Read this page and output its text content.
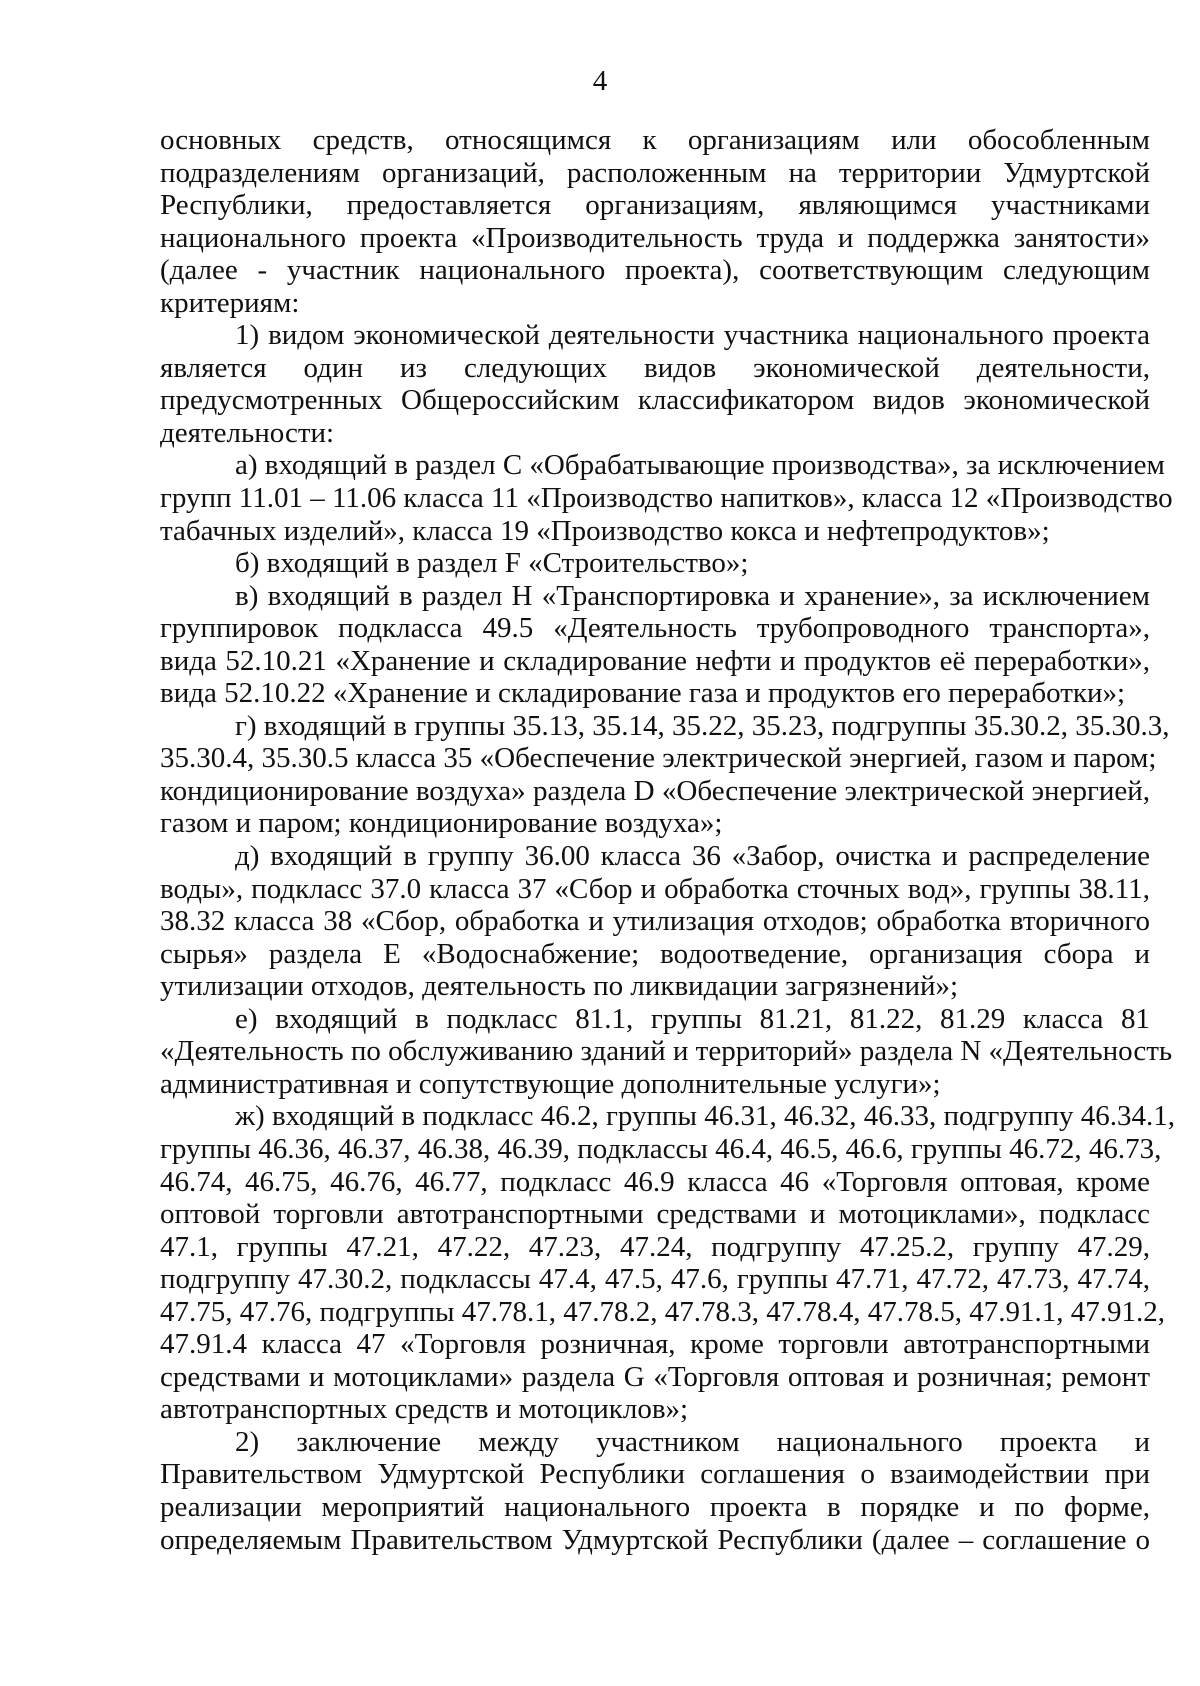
4
основных средств, относящимся к организациям или обособленным
подразделениям организаций, расположенным на территории Удмуртской
Республики, предоставляется организациям, являющимся участниками
национального проекта «Производительность труда и поддержка занятости»
(далее - участник национального проекта), соответствующим следующим
критериям:
1) видом экономической деятельности участника национального проекта
является один из следующих видов экономической деятельности,
предусмотренных Общероссийским классификатором видов экономической
деятельности:
а) входящий в раздел С «Обрабатывающие производства», за исключением
групп 11.01 – 11.06 класса 11 «Производство напитков», класса 12 «Производство
табачных изделий», класса 19 «Производство кокса и нефтепродуктов»;
б) входящий в раздел F «Строительство»;
в) входящий в раздел Н «Транспортировка и хранение», за исключением
группировок подкласса 49.5 «Деятельность трубопроводного транспорта»,
вида 52.10.21 «Хранение и складирование нефти и продуктов её переработки»,
вида 52.10.22 «Хранение и складирование газа и продуктов его переработки»;
г) входящий в группы 35.13, 35.14, 35.22, 35.23, подгруппы 35.30.2, 35.30.3,
35.30.4, 35.30.5 класса 35 «Обеспечение электрической энергией, газом и паром;
кондиционирование воздуха» раздела D «Обеспечение электрической энергией,
газом и паром; кондиционирование воздуха»;
д) входящий в группу 36.00 класса 36 «Забор, очистка и распределение
воды», подкласс 37.0 класса 37 «Сбор и обработка сточных вод», группы 38.11,
38.32 класса 38 «Сбор, обработка и утилизация отходов; обработка вторичного
сырья» раздела Е «Водоснабжение; водоотведение, организация сбора и
утилизации отходов, деятельность по ликвидации загрязнений»;
е) входящий в подкласс 81.1, группы 81.21, 81.22, 81.29 класса 81
«Деятельность по обслуживанию зданий и территорий» раздела N «Деятельность
административная и сопутствующие дополнительные услуги»;
ж) входящий в подкласс 46.2, группы 46.31, 46.32, 46.33, подгруппу 46.34.1,
группы 46.36, 46.37, 46.38, 46.39, подклассы 46.4, 46.5, 46.6, группы 46.72, 46.73,
46.74, 46.75, 46.76, 46.77, подкласс 46.9 класса 46 «Торговля оптовая, кроме
оптовой торговли автотранспортными средствами и мотоциклами», подкласс
47.1, группы 47.21, 47.22, 47.23, 47.24, подгруппу 47.25.2, группу 47.29,
подгруппу 47.30.2, подклассы 47.4, 47.5, 47.6, группы 47.71, 47.72, 47.73, 47.74,
47.75, 47.76, подгруппы 47.78.1, 47.78.2, 47.78.3, 47.78.4, 47.78.5, 47.91.1, 47.91.2,
47.91.4 класса 47 «Торговля розничная, кроме торговли автотранспортными
средствами и мотоциклами» раздела G «Торговля оптовая и розничная; ремонт
автотранспортных средств и мотоциклов»;
2) заключение между участником национального проекта и
Правительством Удмуртской Республики соглашения о взаимодействии при
реализации мероприятий национального проекта в порядке и по форме,
определяемым Правительством Удмуртской Республики (далее – соглашение о
